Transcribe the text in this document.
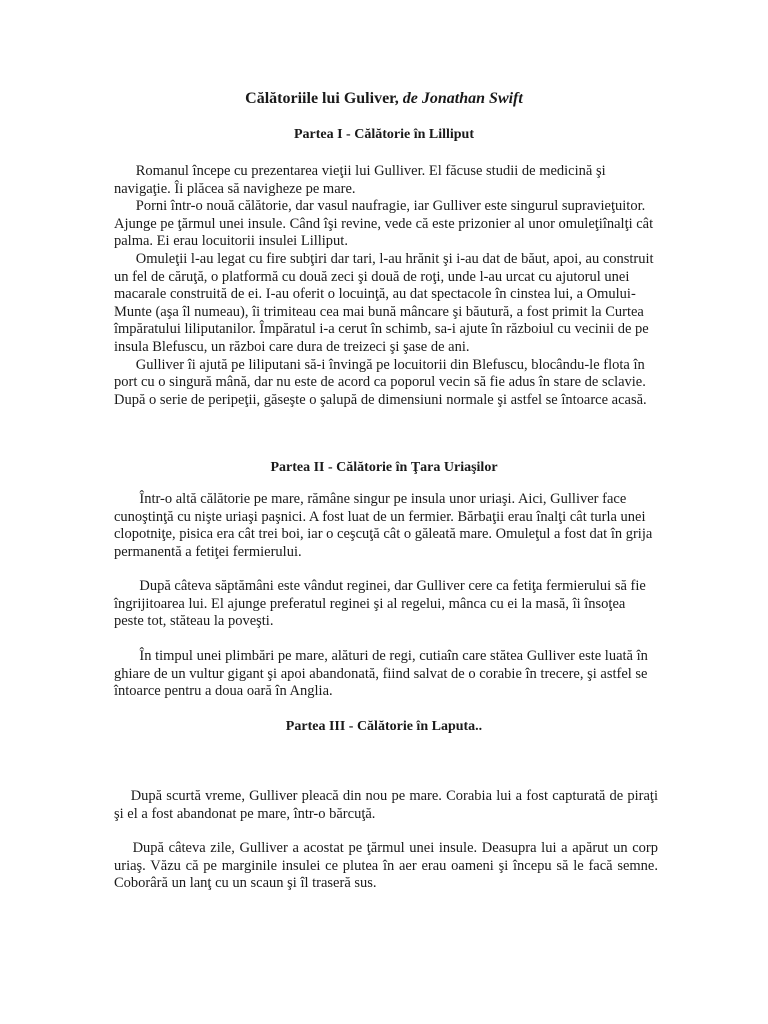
Călătoriile lui Guliver, de Jonathan Swift
Partea I - Călătorie în Lilliput

Romanul începe cu prezentarea vieţii lui Gulliver. El făcuse studii de medicină şi navigaţie. Îi plăcea să navigheze pe mare.

Porni într-o nouă călătorie, dar vasul naufragie, iar Gulliver este singurul supravieţuitor. Ajunge pe ţărmul unei insule. Când îşi revine, vede că este prizonier al unor omuleţiînalţi cât palma. Ei erau locuitorii insulei Lilliput.

Omuleţii l-au legat cu fire subţiri dar tari, l-au hrănit şi i-au dat de băut, apoi, au construit un fel de căruţă, o platformă cu două zeci şi două de roţi, unde l-au urcat cu ajutorul unei macarale construită de ei. I-au oferit o locuinţă, au dat spectacole în cinstea lui, a Omului-Munte (aşa îl numeau), îi trimiteau cea mai bună mâncare şi băutură, a fost primit la Curtea împăratului liliputanilor. Împăratul i-a cerut în schimb, sa-i ajute în războiul cu vecinii de pe insula Blefuscu, un război care dura de treizeci şi şase de ani.

Gulliver îi ajută pe liliputani să-i învingă pe locuitorii din Blefuscu, blocându-le flota în port cu o singură mână, dar nu este de acord ca poporul vecin să fie adus în stare de sclavie. După o serie de peripeţii, găseşte o şalupă de dimensiuni normale şi astfel se întoarce acasă.

Partea II - Călătorie în Ţara Uriaşilor
Într-o altă călătorie pe mare, rămâne singur pe insula unor uriaşi. Aici, Gulliver face cunoştinţă cu nişte uriaşi paşnici. A fost luat de un fermier. Bărbaţii erau înalţi cât turla unei clopotniţe, pisica era cât trei boi, iar o ceşcuţă cât o găleată mare. Omuleţul a fost dat în grija permanentă a fetiţei fermierului.
După câteva săptămâni este vândut reginei, dar Gulliver cere ca fetiţa fermierului să fie îngrijitoarea lui. El ajunge preferatul reginei şi al regelui, mânca cu ei la masă, îi însoţea peste tot, stăteau la poveşti.
În timpul unei plimbări pe mare, alături de regi, cutiaîn care stătea Gulliver este luată în ghiare de un vultur gigant şi apoi abandonată, fiind salvat de o corabie în trecere, şi astfel se întoarce pentru a doua oară în Anglia.
Partea III - Călătorie în Laputa..
După scurtă vreme, Gulliver pleacă din nou pe mare. Corabia lui a fost capturată de piraţi şi el a fost abandonat pe mare, într-o bărcuţă.
După câteva zile, Gulliver a acostat pe ţărmul unei insule. Deasupra lui a apărut un corp uriaş. Văzu că pe marginile insulei ce plutea în aer erau oameni şi începu să le facă semne. Coborâră un lanţ cu un scaun şi îl traseră sus.
